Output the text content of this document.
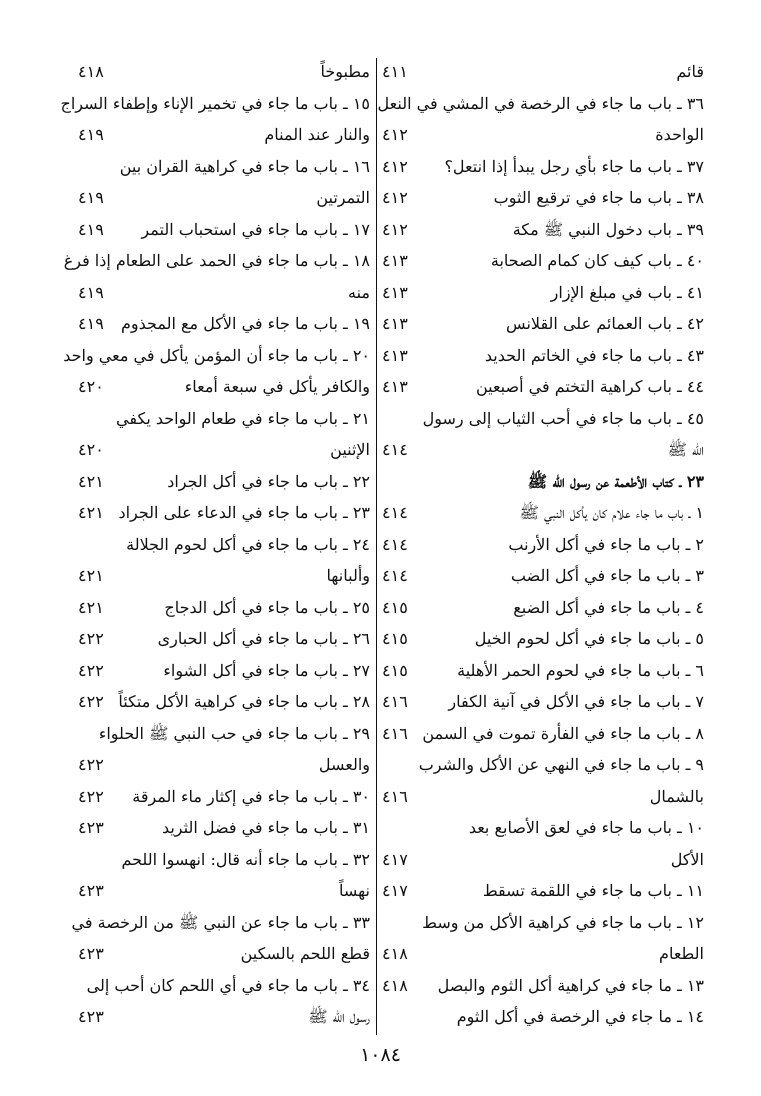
قائم
٤١١
٣٦ ـ باب ما جاء في الرخصة في المشي في النعل
الواحدة
٤١٢
٣٧ ـ باب ما جاء بأي رجل يبدأ إذا انتعل؟
٤١٢
٣٨ ـ باب ما جاء في ترقيع الثوب
٤١٢
٣٩ ـ باب دخول النبي ﷺ مكة
٤١٢
٤٠ ـ باب كيف كان كمام الصحابة
٤١٣
٤١ ـ باب في مبلغ الإزار
٤١٣
٤٢ ـ باب العمائم على القلانس
٤١٣
٤٣ ـ باب ما جاء في الخاتم الحديد
٤١٣
٤٤ ـ باب كراهية التختم في أصبعين
٤١٣
٤٥ ـ باب ما جاء في أحب الثياب إلى رسول
الله ﷺ
٤١٤
٢٣ ـ كتاب الأطعمة عن رسول الله ﷺ
١ ـ باب ما جاء علام كان يأكل النبي ﷺ
٤١٤
٢ ـ باب ما جاء في أكل الأرنب
٤١٤
٣ ـ باب ما جاء في أكل الضب
٤١٤
٤ ـ باب ما جاء في أكل الضبع
٤١٥
٥ ـ باب ما جاء في أكل لحوم الخيل
٤١٥
٦ ـ باب ما جاء في لحوم الحمر الأهلية
٤١٥
٧ ـ باب ما جاء في الأكل في آنية الكفار
٤١٦
٨ ـ باب ما جاء في الفأرة تموت في السمن
٤١٦
٩ ـ باب ما جاء في النهي عن الأكل والشرب
بالشمال
٤١٦
١٠ ـ باب ما جاء في لعق الأصابع بعد
الأكل
٤١٧
١١ ـ باب ما جاء في اللقمة تسقط
٤١٧
١٢ ـ باب ما جاء في كراهية الأكل من وسط
الطعام
٤١٨
١٣ ـ ما جاء في كراهية أكل الثوم والبصل
٤١٨
١٤ ـ ما جاء في الرخصة في أكل الثوم
مطبوخاً
٤١٨
١٥ ـ باب ما جاء في تخمير الإناء وإطفاء السراج
والنار عند المنام
٤١٩
١٦ ـ باب ما جاء في كراهية القران بين
التمرتين
٤١٩
١٧ ـ باب ما جاء في استحباب التمر
٤١٩
١٨ ـ باب ما جاء في الحمد على الطعام إذا فرغ
منه
٤١٩
١٩ ـ باب ما جاء في الأكل مع المجذوم
٤١٩
٢٠ ـ باب ما جاء أن المؤمن يأكل في معي واحد
والكافر يأكل في سبعة أمعاء
٤٢٠
٢١ ـ باب ما جاء في طعام الواحد يكفي
الإثنين
٤٢٠
٢٢ ـ باب ما جاء في أكل الجراد
٤٢١
٢٣ ـ باب ما جاء في الدعاء على الجراد
٤٢١
٢٤ ـ باب ما جاء في أكل لحوم الجلالة
وألبانها
٤٢١
٢٥ ـ باب ما جاء في أكل الدجاج
٤٢١
٢٦ ـ باب ما جاء في أكل الحبارى
٤٢٢
٢٧ ـ باب ما جاء في أكل الشواء
٤٢٢
٢٨ ـ باب ما جاء في كراهية الأكل متكئاً
٤٢٢
٢٩ ـ باب ما جاء في حب النبي ﷺ الحلواء
والعسل
٤٢٢
٣٠ ـ باب ما جاء في إكثار ماء المرقة
٤٢٢
٣١ ـ باب ما جاء في فضل الثريد
٤٢٣
٣٢ ـ باب ما جاء أنه قال: انهسوا اللحم
نهساً
٤٢٣
٣٣ ـ باب ما جاء عن النبي ﷺ من الرخصة في
قطع اللحم بالسكين
٤٢٣
٣٤ ـ باب ما جاء في أي اللحم كان أحب إلى
رسول الله ﷺ
٤٢٣
١٠٨٤
